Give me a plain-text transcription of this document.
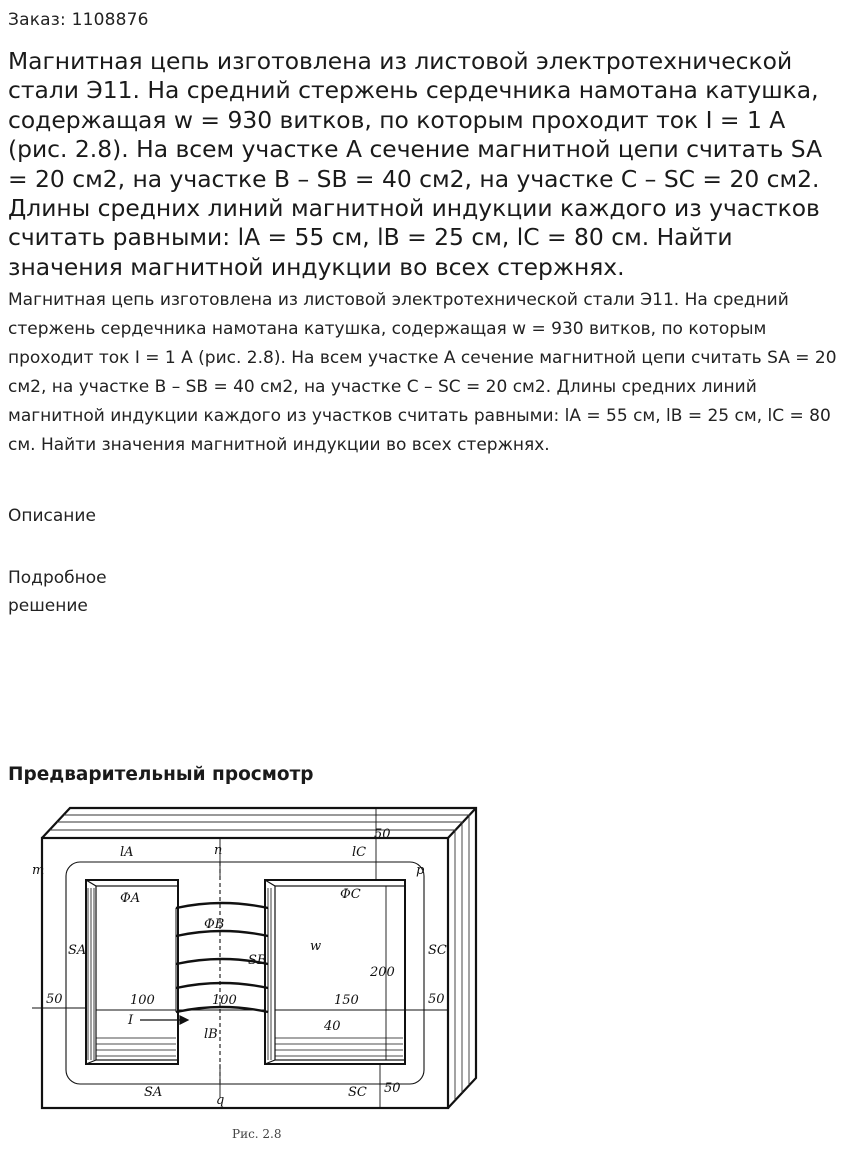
Заказ: 1108876
Магнитная цепь изготовлена из листовой электротехнической стали Э11. На средний стержень сердечника намотана катушка, содержащая w = 930 витков, по которым проходит ток I = 1 А (рис. 2.8). На всем участке А сечение магнитной цепи считать SA = 20 см2, на участке В – SB = 40 см2, на участке С – SC = 20 см2. Длины средних линий магнитной индукции каждого из участков считать равными: lA = 55 см, lB = 25 см, lC = 80 см. Найти значения магнитной индукции во всех стержнях.

Магнитная цепь изготовлена из листовой электротехнической стали Э11. На средний стержень сердечника намотана катушка, содержащая w = 930 витков, по которым проходит ток I = 1 А (рис. 2.8). На всем участке А сечение магнитной цепи считать SA = 20 см2, на участке В – SB = 40 см2, на участке С – SC = 20 см2. Длины средних линий магнитной индукции каждого из участков считать равными: lA = 55 см, lB = 25 см, lC = 80 см. Найти значения магнитной индукции во всех стержнях.

Описание
Подробное решение
Предварительный просмотр
m
n
p
q
lA	lC
lB
ФA
ФB
ФC
SA
SA
SB
SC
SC
w
I
50	50
50
50
100	100	150
200
40
Рис. 2.8
